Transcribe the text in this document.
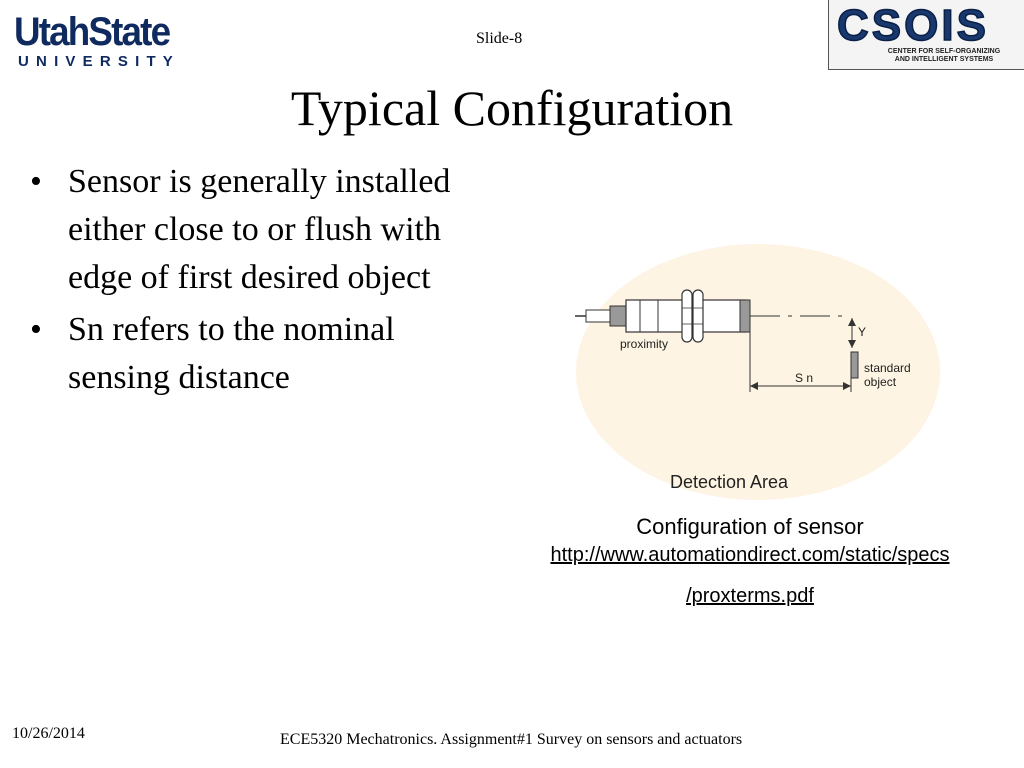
UtahState
UNIVERSITY
Slide-8	CSOIS
CENTER FOR SELF-ORGANIZING
AND INTELLIGENT SYSTEMS
Typical Configuration
• Sensor is generally installed either close to or flush with edge of first desired object
• Sn refers to the nominal sensing distance
Y
standard
object
S n
proximity
Detection Area
Configuration of sensor
http://www.automationdirect.com/static/specs
/proxterms.pdf
10/26/2014	ECE5320 Mechatronics. Assignment#1 Survey on sensors and actuators
